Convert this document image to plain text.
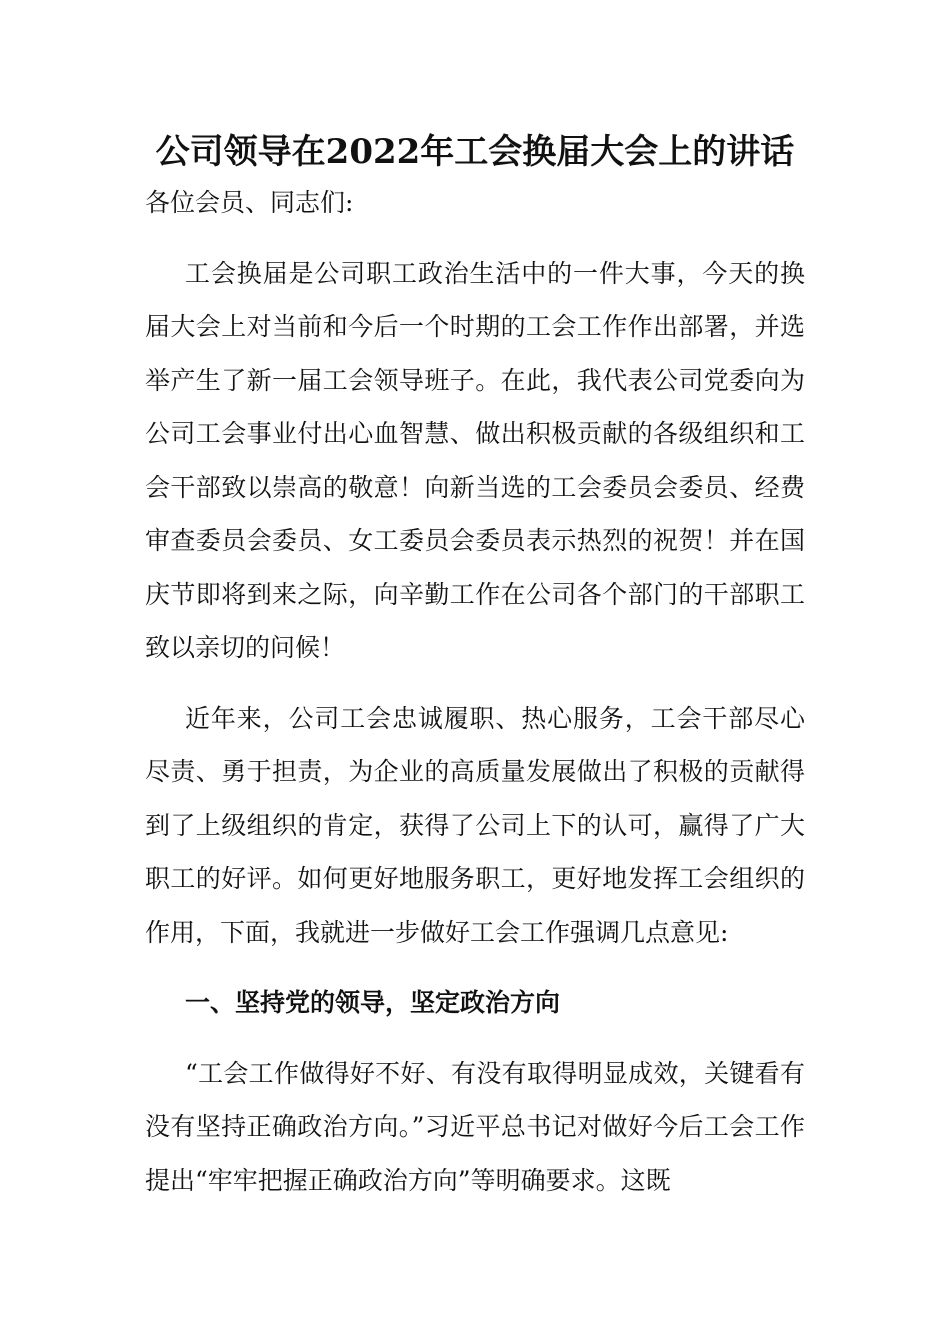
公司领导在2022年工会换届大会上的讲话

各位会员、同志们:

工会换届是公司职工政治生活中的一件大事，今天的换届大会上对当前和今后一个时期的工会工作作出部署，并选举产生了新一届工会领导班子。在此，我代表公司党委向为公司工会事业付出心血智慧、做出积极贡献的各级组织和工会干部致以崇高的敬意！向新当选的工会委员会委员、经费审查委员会委员、女工委员会委员表示热烈的祝贺！并在国庆节即将到来之际，向辛勤工作在公司各个部门的干部职工致以亲切的问候！

近年来，公司工会忠诚履职、热心服务，工会干部尽心尽责、勇于担责，为企业的高质量发展做出了积极的贡献得到了上级组织的肯定，获得了公司上下的认可，赢得了广大职工的好评。如何更好地服务职工，更好地发挥工会组织的作用，下面，我就进一步做好工会工作强调几点意见:

一、坚持党的领导，坚定政治方向

“工会工作做得好不好、有没有取得明显成效，关键看有没有坚持正确政治方向。”习近平总书记对做好今后工会工作提出“牢牢把握正确政治方向”等明确要求。这既
